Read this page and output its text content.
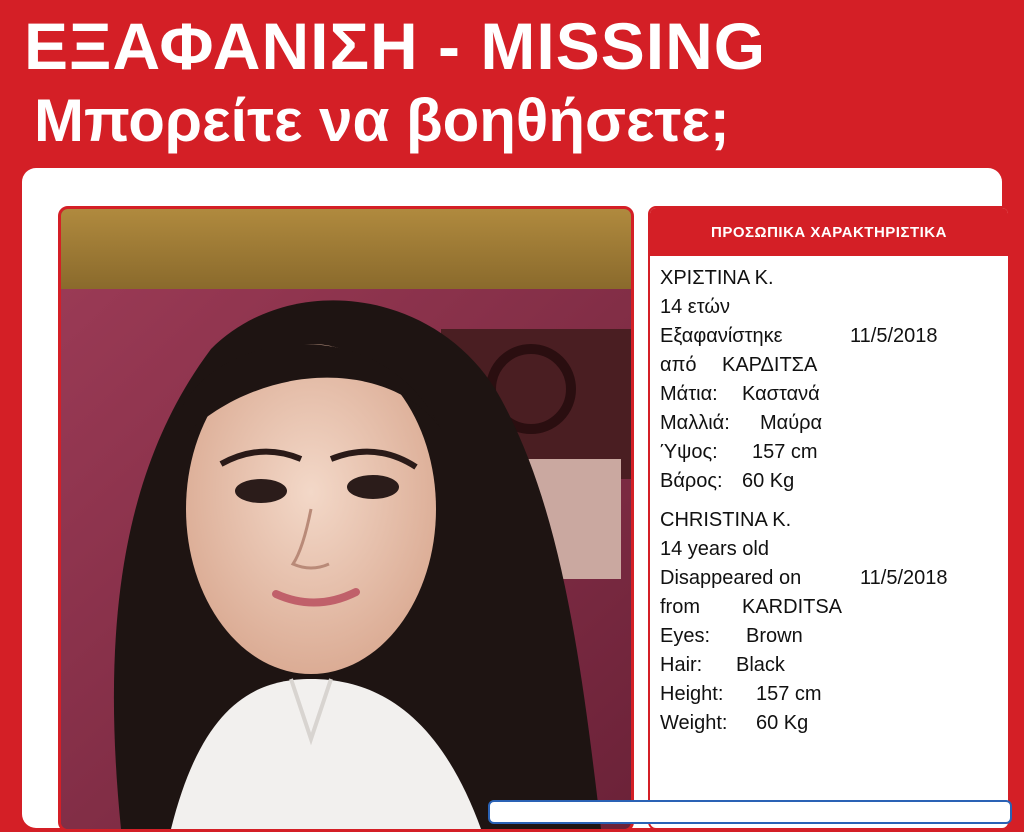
ΕΞΑΦΑΝΙΣΗ - MISSING
Μπορείτε να βοηθήσετε;
ΠΡΟΣΩΠΙΚΑ ΧΑΡΑΚΤΗΡΙΣΤΙΚΑ
ΧΡΙΣΤΙΝΑ Κ.
14 ετών
Εξαφανίστηκε	11/5/2018
από ΚΑΡΔΙΤΣΑ
Μάτια: Καστανά
Μαλλιά: Μαύρα
Ύψος: 157 cm
Βάρος: 60 Kg
CHRISTINA K.
14 years old
Disappeared on	11/5/2018
from KARDITSA
Eyes: Brown
Hair: Black
Height: 157 cm
Weight: 60 Kg
